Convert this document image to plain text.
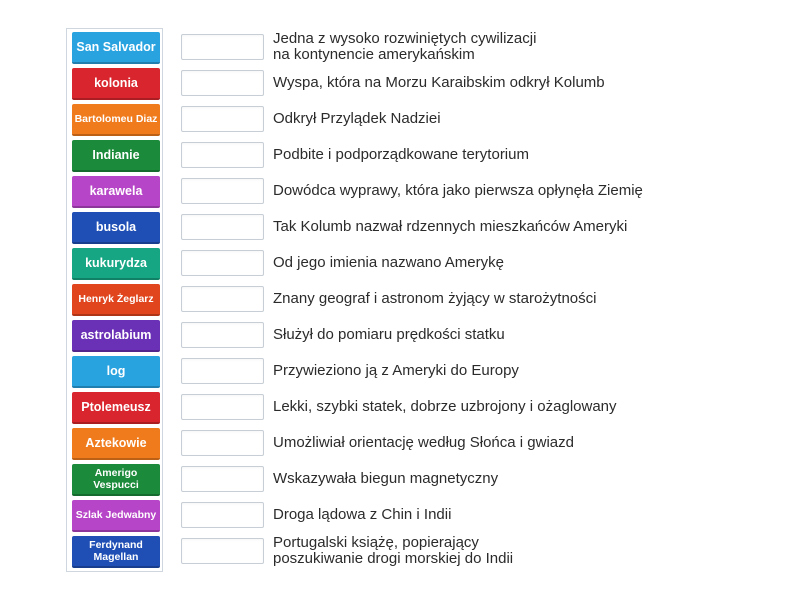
San Salvador
kolonia
Bartolomeu Diaz
Indianie
karawela
busola
kukurydza
Henryk Żeglarz
astrolabium
log
Ptolemeusz
Aztekowie
Amerigo Vespucci
Szlak Jedwabny
Ferdynand Magellan
Jedna z wysoko rozwiniętych cywilizacji
na kontynencie amerykańskim
Wyspa, która na Morzu Karaibskim odkrył Kolumb
Odkrył Przylądek Nadziei
Podbite i podporządkowane terytorium
Dowódca wyprawy, która jako pierwsza opłynęła Ziemię
Tak Kolumb nazwał rdzennych mieszkańców Ameryki
Od jego imienia nazwano Amerykę
Znany geograf i astronom żyjący w starożytności
Służył do pomiaru prędkości statku
Przywieziono ją z Ameryki do Europy
Lekki, szybki statek, dobrze uzbrojony i ożaglowany
Umożliwiał orientację według Słońca i gwiazd
Wskazywała biegun magnetyczny
Droga lądowa z Chin i Indii
Portugalski książę, popierający
poszukiwanie drogi morskiej do Indii
